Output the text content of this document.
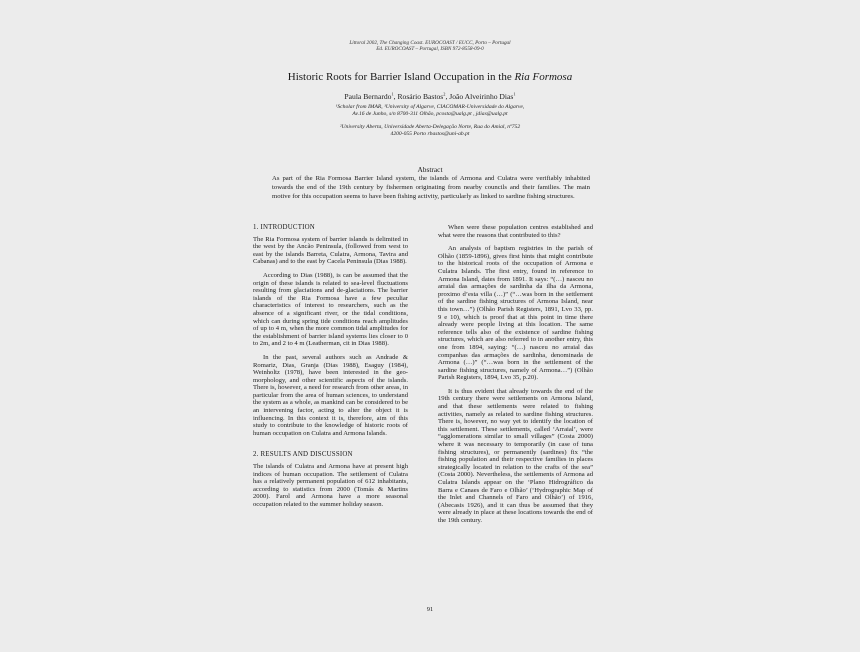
Littoral 2002, The Changing Coast. EUROCOAST / EUCC, Porto – Portugal
Ed. EUROCOAST – Portugal, ISBN 972-8558-09-0
Historic Roots for Barrier Island Occupation in the Ria Formosa
Paula Bernardo$^1$, Rosário Bastos$^2$, João Alveirinho Dias$^1$
¹Scholar from IMAR, ¹University of Algarve, CIACOMAR-Universidade do Algarve,
Av.16 de Junho, s/n 8700-311 Olhão, pcosta@ualg.pt , jdias@ualg.pt
²University Aberta, Universidade Aberta-Delegação Norte, Rua do Amial, nº752
4200-055 Porto rbastos@uni-ab.pt
Abstract
As part of the Ria Formosa Barrier Island system, the islands of Armona and Culatra were verifiably inhabited towards the end of the 19th century by fishermen originating from nearby councils and their families. The main motive for this occupation seems to have been fishing activity, particularly as linked to sardine fishing structures.
1. INTRODUCTION

The Ria Formosa system of barrier islands is delimited in the west by the Ancão Peninsula, (followed from west to east by the islands Barreta, Culatra, Armona, Tavira and Cabanas) and to the east by Cacela Peninsula (Dias 1988).

According to Dias (1988), is can be assumed that the origin of these islands is related to sea-level fluctuations resulting from glaciations and de-glaciations. The barrier islands of the Ria Formosa have a few peculiar characteristics of interest to researchers, such as the absence of a significant river, or the tidal conditions, which can during spring tide conditions reach amplitudes of up to 4 m, when the more common tidal amplitudes for the establishment of barrier island systems lies closer to 0 to 2m, and 2 to 4 m (Leatherman, cit in Dias 1988).

In the past, several authors such as Andrade & Romariz, Dias, Granja (Dias 1988), Esaguy (1984), Weinholtz (1978), have been interested in the geo-morphology, and other scientific aspects of the islands. There is, however, a need for research from other areas, in particular from the area of human sciences, to understand the system as a whole, as mankind can be considered to be an intervening factor, acting to alter the object it is influencing. In this context it is, therefore, aim of this study to contribute to the knowledge of historic roots of human occupation on Culatra and Armona Islands.

2. RESULTS AND DISCUSSION

The islands of Culatra and Armona have at present high indices of human occupation. The settlement of Culatra has a relatively permanent population of 612 inhabitants, according to statistics from 2000 (Tomás & Martins 2000). Farol and Armona have a more seasonal occupation related to the summer holiday season.

When were these population centres established and what were the reasons that contributed to this?

An analysis of baptism registries in the parish of Olhão (1859-1896), gives first hints that might contribute to the historical roots of the occupation of Armona e Culatra Islands. The first entry, found in reference to Armona Island, dates from 1891. It says: “(…) nasceu no arraial das armações de sardinha da ilha da Armona, proximo d’esta villa (…)” (“…was born in the settlement of the sardine fishing structures of Armona Island, near this town…”) (Olhão Parish Registers, 1891, Lvo 33, pp. 9 e 10), which is proof that at this point in time there already were people living at this location. The same reference tells also of the existence of sardine fishing structures, which are also referred to in another entry, this one from 1894, saying: “(…) nasceu no arraial das companhas das armações de sardinha, denominada de Armona (…)” (“…was born in the settlement of the sardine fishing structures, namely of Armona…”) (Olhão Parish Registers, 1894, Lvo 35, p.20).

It is thus evident that already towards the end of the 19th century there were settlements on Armona Island, and that these settlements were related to fishing activities, namely as related to sardine fishing structures. There is, however, no way yet to identify the location of this settlement. These settlements, called ‘Arraial’, were “agglomerations similar to small villages” (Costa 2000) where it was necessary to temporarily (in case of tuna fishing structures), or permanently (sardines) fix “the fishing population and their respective families in places strategically located in relation to the crafts of the sea” (Costa 2000). Nevertheless, the settlements of Armona ad Culatra Islands appear on the ‘Plano Hidrográfico da Barra e Canaes de Faro e Olhão’ (‘Hydrographic Map of the Inlet and Channels of Faro and Olhão’) of 1916, (Abecasis 1926), and it can thus be assumed that they were already in place at these locations towards the end of the 19th century.

91
